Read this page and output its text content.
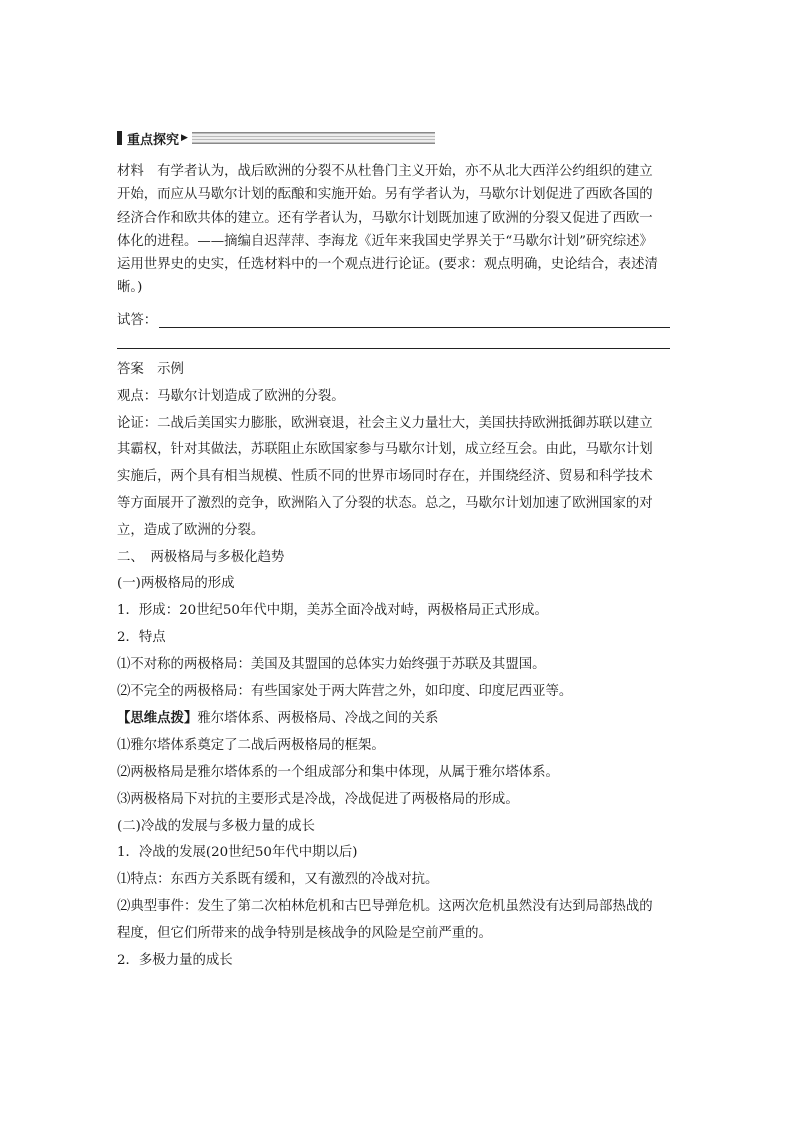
重点探究 ▶

材料　有学者认为，战后欧洲的分裂不从杜鲁门主义开始，亦不从北大西洋公约组织的建立

开始，而应从马歇尔计划的酝酿和实施开始。另有学者认为，马歇尔计划促进了西欧各国的

经济合作和欧共体的建立。还有学者认为，马歇尔计划既加速了欧洲的分裂又促进了西欧一

体化的进程。——摘编自迟萍萍、李海龙《近年来我国史学界关于“马歇尔计划”研究综述》

运用世界史的史实，任选材料中的一个观点进行论证。(要求：观点明确，史论结合，表述清

晰。)

试答：

答案　示例

观点：马歇尔计划造成了欧洲的分裂。

论证：二战后美国实力膨胀，欧洲衰退，社会主义力量壮大，美国扶持欧洲抵御苏联以建立

其霸权，针对其做法，苏联阻止东欧国家参与马歇尔计划，成立经互会。由此，马歇尔计划

实施后，两个具有相当规模、性质不同的世界市场同时存在，并围绕经济、贸易和科学技术

等方面展开了激烈的竞争，欧洲陷入了分裂的状态。总之，马歇尔计划加速了欧洲国家的对

立，造成了欧洲的分裂。

二、　两极格局与多极化趋势

(一)两极格局的形成

1．形成：20世纪50年代中期，美苏全面冷战对峙，两极格局正式形成。

2．特点

⑴不对称的两极格局：美国及其盟国的总体实力始终强于苏联及其盟国。

⑵不完全的两极格局：有些国家处于两大阵营之外，如印度、印度尼西亚等。

【思维点拨】雅尔塔体系、两极格局、冷战之间的关系

⑴雅尔塔体系奠定了二战后两极格局的框架。

⑵两极格局是雅尔塔体系的一个组成部分和集中体现，从属于雅尔塔体系。

⑶两极格局下对抗的主要形式是冷战，冷战促进了两极格局的形成。

(二)冷战的发展与多极力量的成长

1．冷战的发展(20世纪50年代中期以后)

⑴特点：东西方关系既有缓和，又有激烈的冷战对抗。

⑵典型事件：发生了第二次柏林危机和古巴导弹危机。这两次危机虽然没有达到局部热战的

程度，但它们所带来的战争特别是核战争的风险是空前严重的。

2．多极力量的成长
